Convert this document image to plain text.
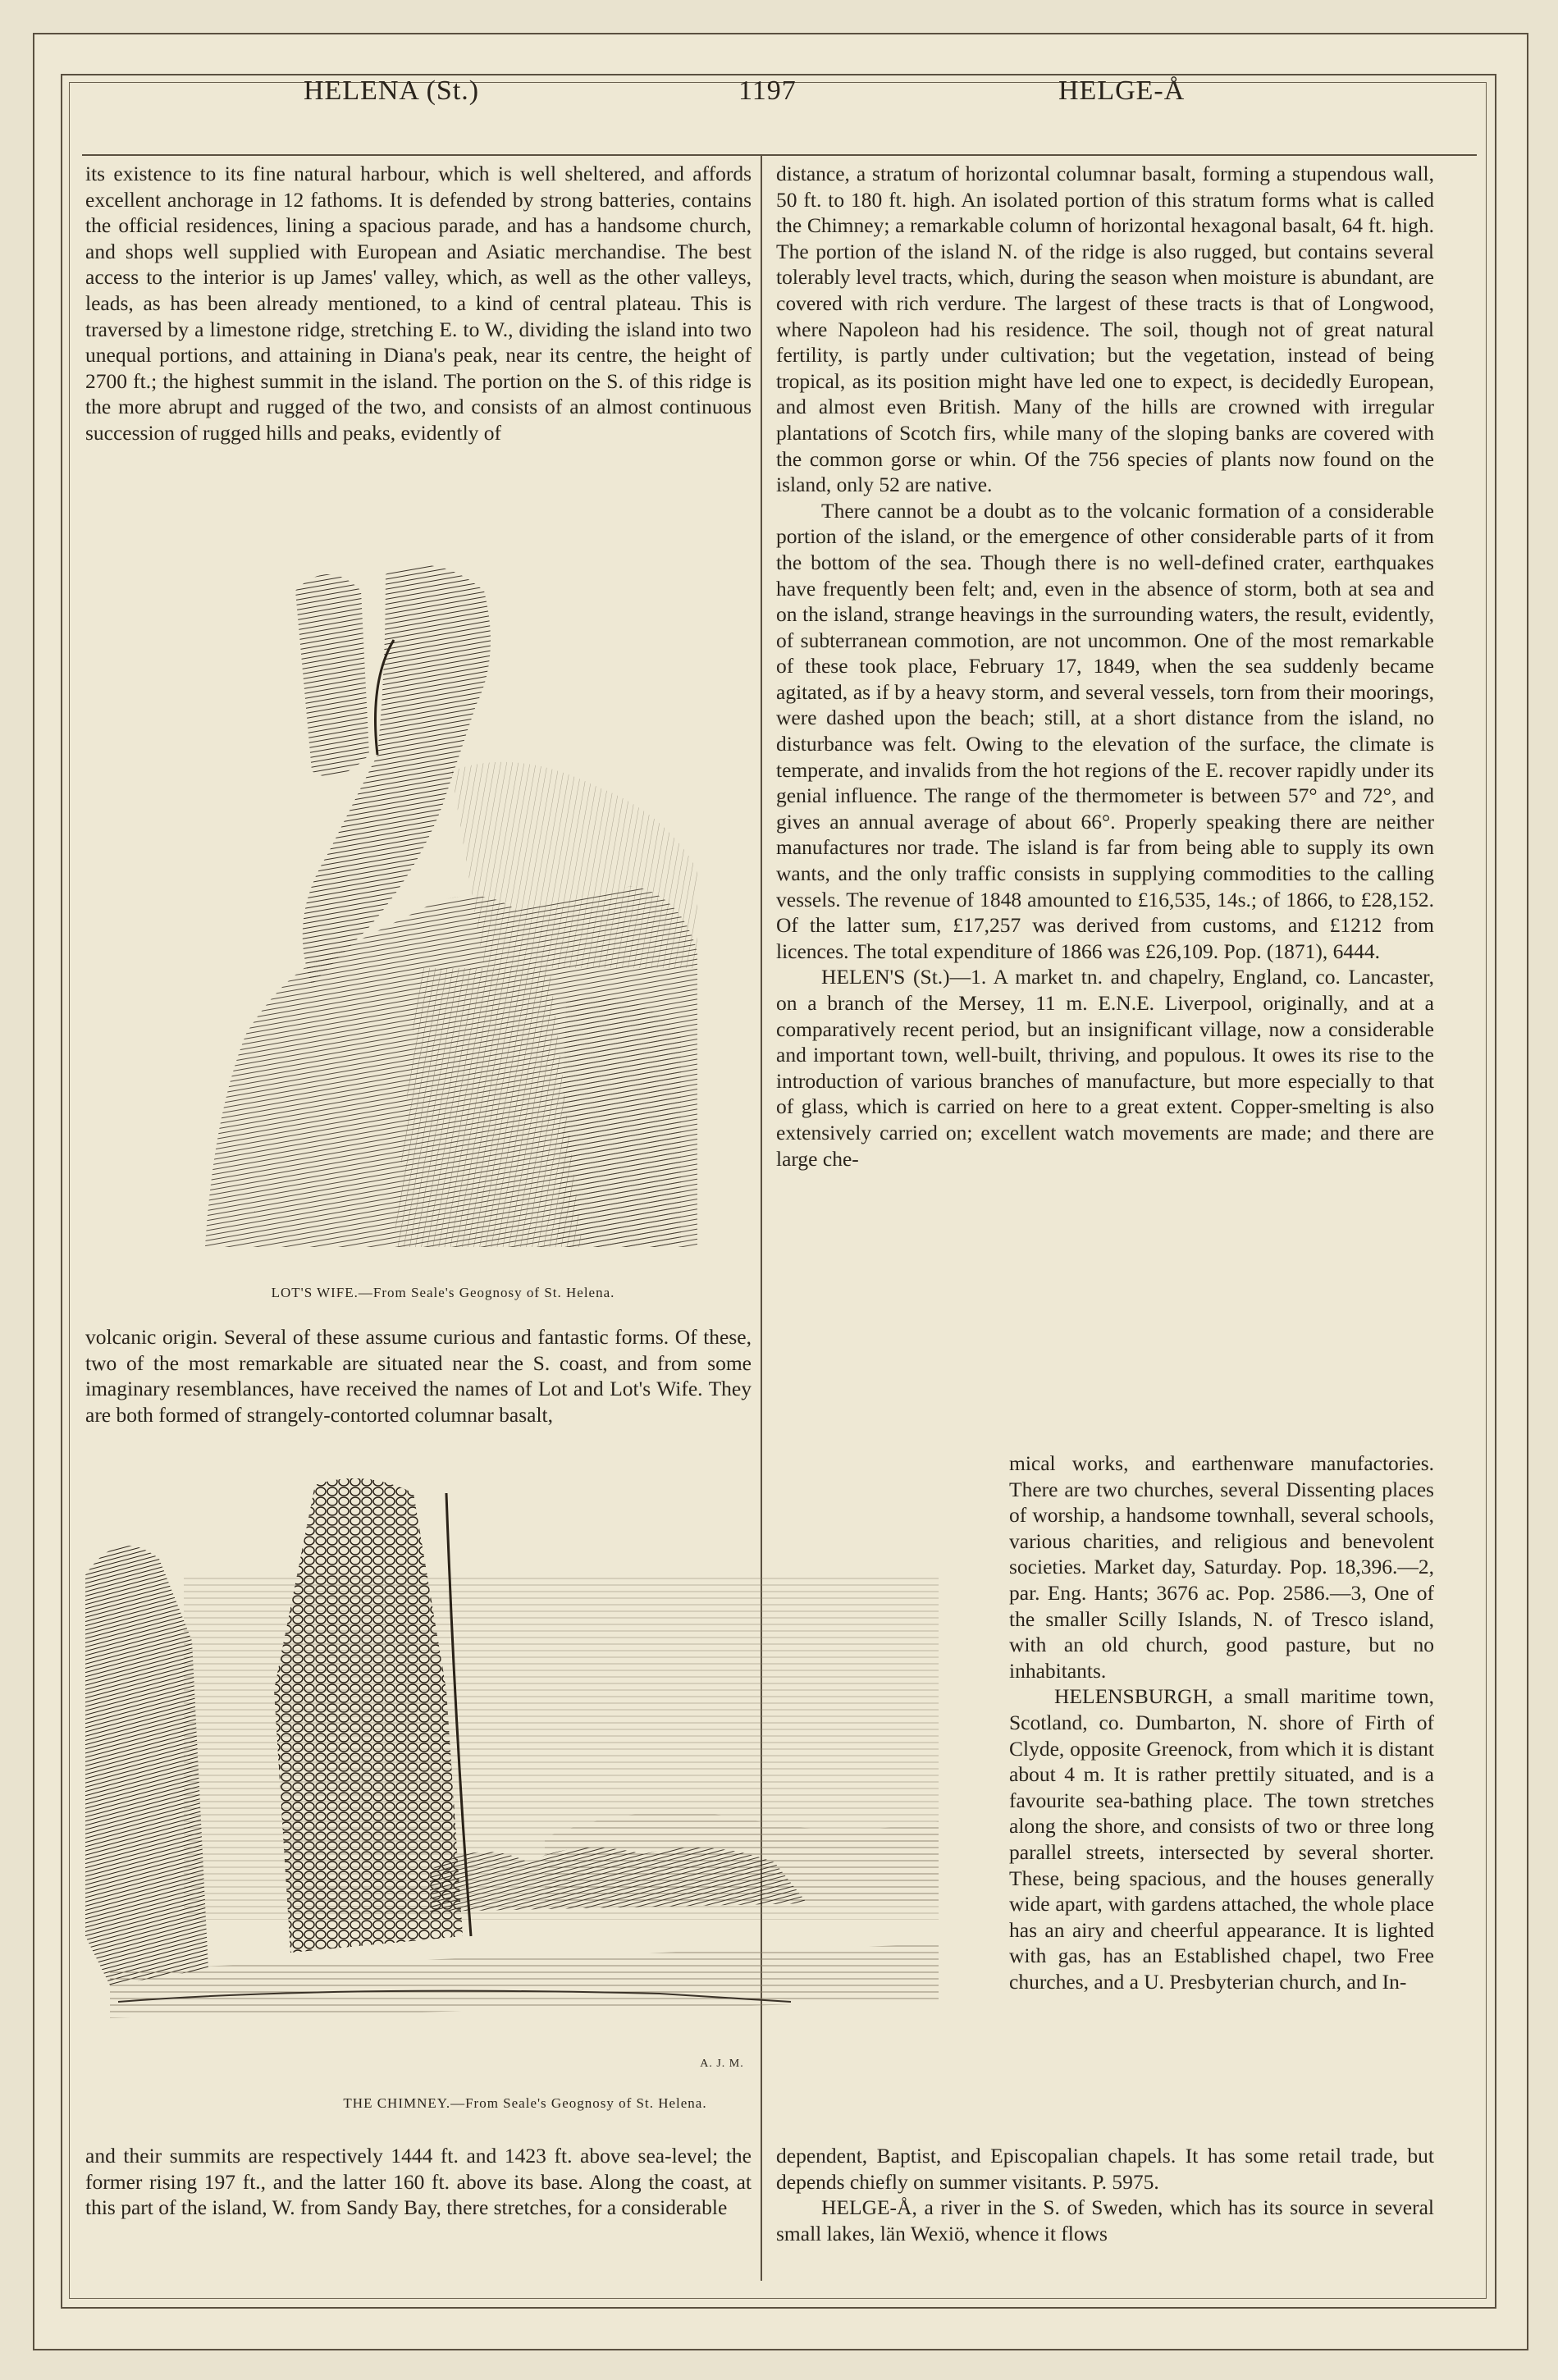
HELENA (St.)	1197	HELGE-Å

its existence to its fine natural harbour, which is well sheltered, and affords excellent anchorage in 12 fathoms. It is defended by strong batteries, contains the official residences, lining a spacious parade, and has a handsome church, and shops well supplied with European and Asiatic merchandise. The best access to the interior is up James' valley, which, as well as the other valleys, leads, as has been already mentioned, to a kind of central plateau. This is traversed by a limestone ridge, stretching E. to W., dividing the island into two unequal portions, and attaining in Diana's peak, near its centre, the height of 2700 ft.; the highest summit in the island. The portion on the S. of this ridge is the more abrupt and rugged of the two, and consists of an almost continuous succession of rugged hills and peaks, evidently of

LOT'S WIFE.—From Seale's Geognosy of St. Helena.

volcanic origin. Several of these assume curious and fantastic forms. Of these, two of the most remarkable are situated near the S. coast, and from some imaginary resemblances, have received the names of Lot and Lot's Wife. They are both formed of strangely-contorted columnar basalt,

A. J. M.
THE CHIMNEY.—From Seale's Geognosy of St. Helena.

and their summits are respectively 1444 ft. and 1423 ft. above sea-level; the former rising 197 ft., and the latter 160 ft. above its base. Along the coast, at this part of the island, W. from Sandy Bay, there stretches, for a considerable

distance, a stratum of horizontal columnar basalt, forming a stupendous wall, 50 ft. to 180 ft. high. An isolated portion of this stratum forms what is called the Chimney; a remarkable column of horizontal hexagonal basalt, 64 ft. high. The portion of the island N. of the ridge is also rugged, but contains several tolerably level tracts, which, during the season when moisture is abundant, are covered with rich verdure. The largest of these tracts is that of Longwood, where Napoleon had his residence. The soil, though not of great natural fertility, is partly under cultivation; but the vegetation, instead of being tropical, as its position might have led one to expect, is decidedly European, and almost even British. Many of the hills are crowned with irregular plantations of Scotch firs, while many of the sloping banks are covered with the common gorse or whin. Of the 756 species of plants now found on the island, only 52 are native.

There cannot be a doubt as to the volcanic formation of a considerable portion of the island, or the emergence of other considerable parts of it from the bottom of the sea. Though there is no well-defined crater, earthquakes have frequently been felt; and, even in the absence of storm, both at sea and on the island, strange heavings in the surrounding waters, the result, evidently, of subterranean commotion, are not uncommon. One of the most remarkable of these took place, February 17, 1849, when the sea suddenly became agitated, as if by a heavy storm, and several vessels, torn from their moorings, were dashed upon the beach; still, at a short distance from the island, no disturbance was felt. Owing to the elevation of the surface, the climate is temperate, and invalids from the hot regions of the E. recover rapidly under its genial influence. The range of the thermometer is between 57° and 72°, and gives an annual average of about 66°. Properly speaking there are neither manufactures nor trade. The island is far from being able to supply its own wants, and the only traffic consists in supplying commodities to the calling vessels. The revenue of 1848 amounted to £16,535, 14s.; of 1866, to £28,152. Of the latter sum, £17,257 was derived from customs, and £1212 from licences. The total expenditure of 1866 was £26,109. Pop. (1871), 6444.

HELEN'S (St.)—1. A market tn. and chapelry, England, co. Lancaster, on a branch of the Mersey, 11 m. E.N.E. Liverpool, originally, and at a comparatively recent period, but an insignificant village, now a considerable and important town, well-built, thriving, and populous. It owes its rise to the introduction of various branches of manufacture, but more especially to that of glass, which is carried on here to a great extent. Copper-smelting is also extensively carried on; excellent watch movements are made; and there are large che-

mical works, and earthenware manufactories. There are two churches, several Dissenting places of worship, a handsome townhall, several schools, various charities, and religious and benevolent societies. Market day, Saturday. Pop. 18,396.—2, par. Eng. Hants; 3676 ac. Pop. 2586.—3, One of the smaller Scilly Islands, N. of Tresco island, with an old church, good pasture, but no inhabitants.

HELENSBURGH, a small maritime town, Scotland, co. Dumbarton, N. shore of Firth of Clyde, opposite Greenock, from which it is distant about 4 m. It is rather prettily situated, and is a favourite sea-bathing place. The town stretches along the shore, and consists of two or three long parallel streets, intersected by several shorter. These, being spacious, and the houses generally wide apart, with gardens attached, the whole place has an airy and cheerful appearance. It is lighted with gas, has an Established chapel, two Free churches, and a U. Presbyterian church, and In-

dependent, Baptist, and Episcopalian chapels. It has some retail trade, but depends chiefly on summer visitants. P. 5975.

HELGE-Å, a river in the S. of Sweden, which has its source in several small lakes, län Wexiö, whence it flows
